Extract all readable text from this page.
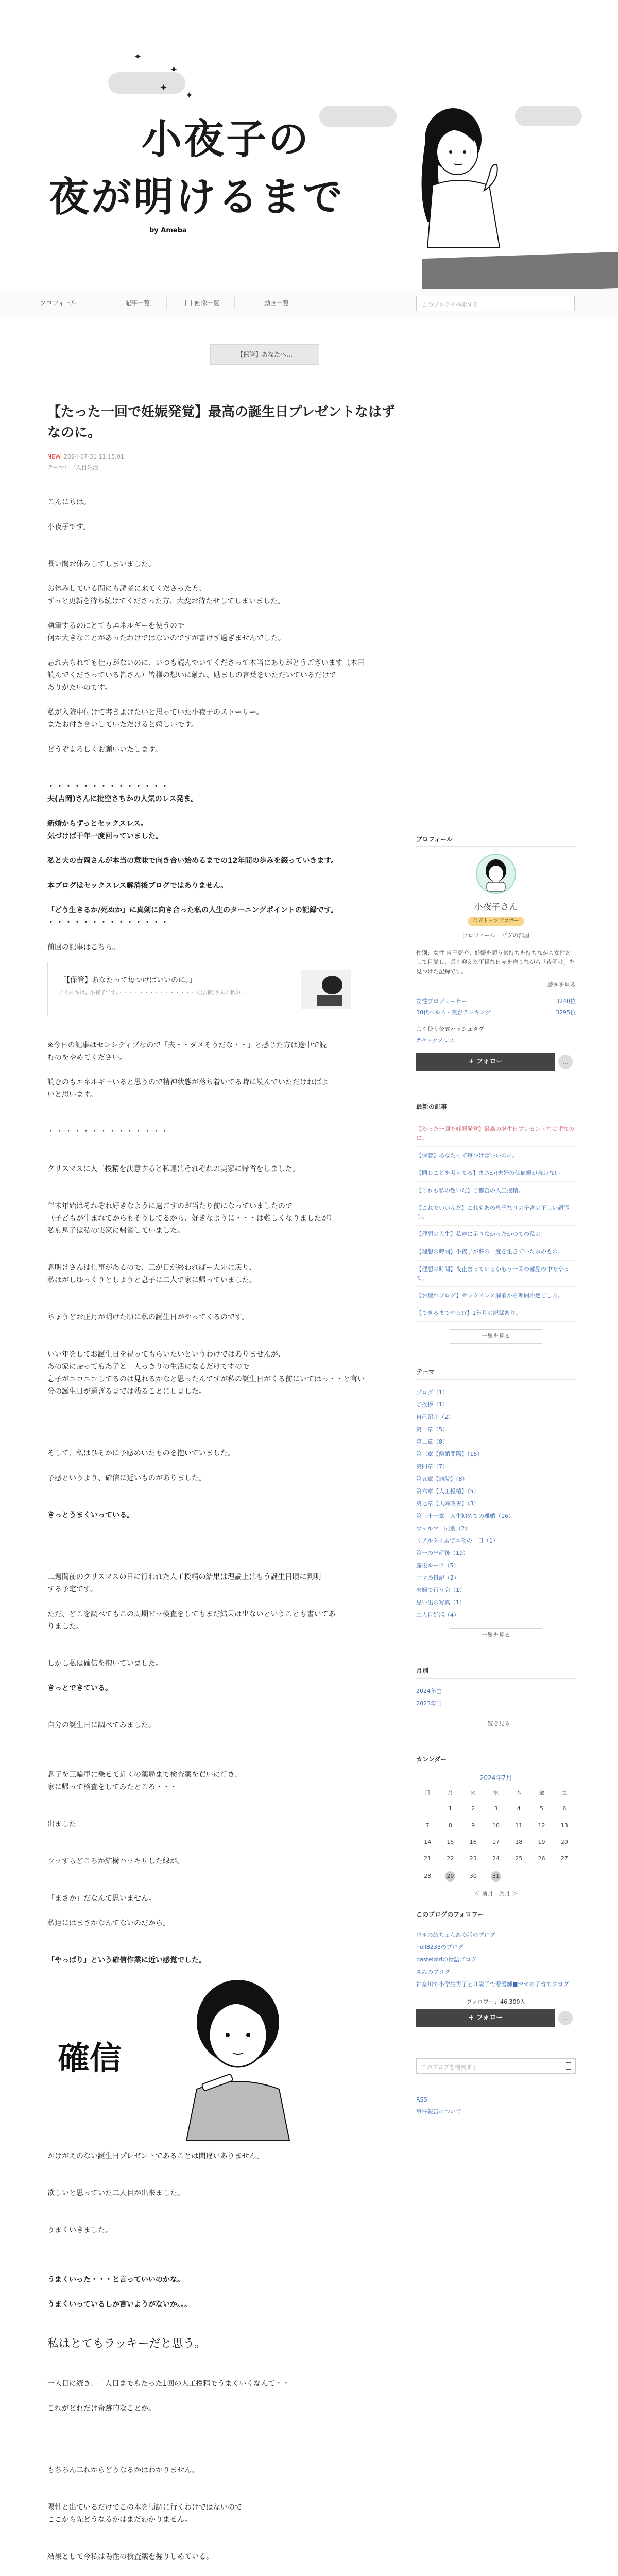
✦
✦
✦
✦
小夜子の
夜が明けるまで
by Ameba
プロフィール	記事一覧	画像一覧	動画一覧	このブログを検索する
【保管】あなたへ…
【たった一回で妊娠発覚】最高の誕生日プレゼントなはずなのに。
NEW 2024-07-31 11:15:01
テーマ：二人目妊活

こんにちは。

小夜子です。

長い間お休みしてしまいました。

お休みしている間にも読者に来てくださった方、

ずっと更新を待ち続けてくださった方、大変お待たせしてしまいました。

執筆するのにとてもエネルギーを使うので

何か大きなことがあったわけではないのですが書けず過ぎませんでした。

忘れ去られても仕方がないのに、いつも読んでいてくださって本当にありがとうございます（本日

読んでくださっている皆さん）皆様の想いに触れ、励ましの言葉をいただいているだけで

ありがたいのです。

私が入院中付けて書きよげたいと思っていた小夜子のストーリー。

またお付き合いしていただけると嬉しいです。

どうぞよろしくお願いいたします。

・・・・・・・・・・・・・・

夫(吉岡)さんに批空さちかの人気のレス発ま。

新婚からずっとセックスレス。

気づけば干年一度回っていました。

私と夫の吉岡さんが本当の意味で向き合い始めるまでの12年間の歩みを綴っていきます。

本ブログはセックスレス解消後ブログではありません。

「どう生きるか/死ぬか」に真剣に向き合った私の人生のターニングポイントの記録です。

・・・・・・・・・・・・・・

前回の記事はこちら。

「【保管】あなたって毎つけばいいのに。」
こんにちは。小夜子です。・・・・・・・・・・・・・・・夫(吉岡)さんと私の…

※今日の記事はセンシティブなので「夫・・ダメそうだな・・」と感じた方は途中で読

むのをやめてください。

読むのもエネルギーいると思うので精神状態が落ち着いてる時に読んでいただければよ

いと思います。

・・・・・・・・・・・・・・

クリスマスに人工授精を決意すると私達はそれぞれの実家に帰省をしました。

年末年始はそれぞれ好きなように過ごすのが当たり前になっていましたので

（子どもが生まれてからもそうしてるから、好きなように・・・は難しくなりましたが）

私も息子は私の実家に帰省していました。

息明けさんは仕事があるので、三が日が終わればー人先に戻り、

私はがしゆっくりとしようと息子に二人で家に帰っていました。

ちょうどお正月が明けた頃に私の誕生日がやってくるのです。

いい年をしてお誕生日を祝ってもらいたいというわけではありませんが、

あの家に帰ってもあ子と二人っきりの生活になるだけですので

息子がニコニコしてるのは見れるかなと思ったんですが私の誕生日がくる前にいてはっ・・と言い

分の誕生日が過ぎるまでは残ることにしました。

そして、私はひそかに予感めいたものを抱いていました。

予感というより、確信に近いものがありました。

きっとうまくいっている。

二週間前のクリスマスの日に行われた人工授精の結果は理論上はもう誕生日頃に判明

する予定です。

ただ、どこを調べてもこの周期ピッ検査をしてもまだ結果は出ないということも書いてあ

りました。

しかし私は確信を抱いていました。

きっとできている。

自分の誕生日に調べてみました。

息子を三輪車に乗せて近くの薬局まで検査薬を買いに行き、

家に帰って検査をしてみたところ・・・

出ました！

ウッすらどころか結構ハッキリした線が。

「まさか」だなんて思いません。

私達にはまさかなんてないのだから。

「やっぱり」という確信作業に近い感覚でした。

確信

かけがえのない誕生日プレゼントであることは間違いありません。

欲しいと思っていた二人目が出来ました。

うまくいきました。

うまくいった・・・と言っていいのかな。

うまくいっているしか言いようがないか。。。

私はとてもラッキーだと思う。

一人目に続き、二人目までもたった1回の人工授精でうまくいくなんて・・

これがどれだけ奇跡的なことか。

もちろん二れからどうなるかはわかりません。

陽性と出ているだけでこの本を順調に行くわけではないので

ここから先どうなるかはまだわかりません。

結果として今私は陽性の検査薬を握りしめている。

プロフィール
小夜子さん
公式トップブロガー
プロフィール　ピグの部屋
性別：女性 自己紹介：妊娠を願う気持ちを持ちながら女性として目覚し、長く迎えた平穏な日々を送りながら「夜明け」を見つけた記録です。
続きを見る
女性プロデューサー	3240位
30代ヘルス・美容ランキング	3295位
よく使う公式ハッシュタグ
#セックスレス
+ フォロー	…
最新の記事
【たった一回で妊娠発覚】最高の誕生日プレゼントなはずなのに。
【保管】あなたって毎つけばいいのに。
【同じことを考えてる】まさか!夫婦の価値観が合わない
【これも私の想いだ】ご都合の人工授精。
【これでいいんだ】これもあの息子なりの子宮の正しい頑張り。
【理想の人生】私達に足りなかったかつての私の。
【理想の時間】小夜子が夢の一度を生きていた頃のもの。
【理想の時間】夜止まっているかもう一回の部屋の中でやって。
【お疲れブログ】セックスレス解消から期間の過ごし方。
【できるまでやる!?】1年月の記録あり。
一覧を見る
テーマ
ブログ（1）
ご挨拶（1）
自己紹介（2）
第一章（5）
第二章（8）
第三章【離婚間際】（15）
第四章（7）
第五章【病院】（8）
第六章【人工授精】（5）
第七章【夫婦改善】（3）
第三十一章　人生初めての離婚（16）
ウェルマ一同別（2）
リアルタイムで本物の一日（1）
第一の出産後（19）
産後ルーツ（5）
エマの日記（2）
夫婦で行う恋（1）
思い出の写真（1）
二人目妊活（4）
一覧を見る
月別
2024年□
2023年□
一覧を見る
カレンダー
2024年7月
日	月	火	水	木	金	土
	1	2	3	4	5	6
7	8	9	10	11	12	13
14	15	16	17	18	19	20
21	22	23	24	25	26	27
28	29	30	31			
＜ 前月　次月 ＞
このブログのフォロワー
ウルの結ちょんあゆ話のブログ
nell8233のブログ
pastelgirlの物語ブログ
ゆみのブログ
神奈川で小学生男子と３歳子で看護師■ママの子育てブログ
フォロワー：46,300人
+ フォロー	…
このブログを検索する
RSS
事件報告について
